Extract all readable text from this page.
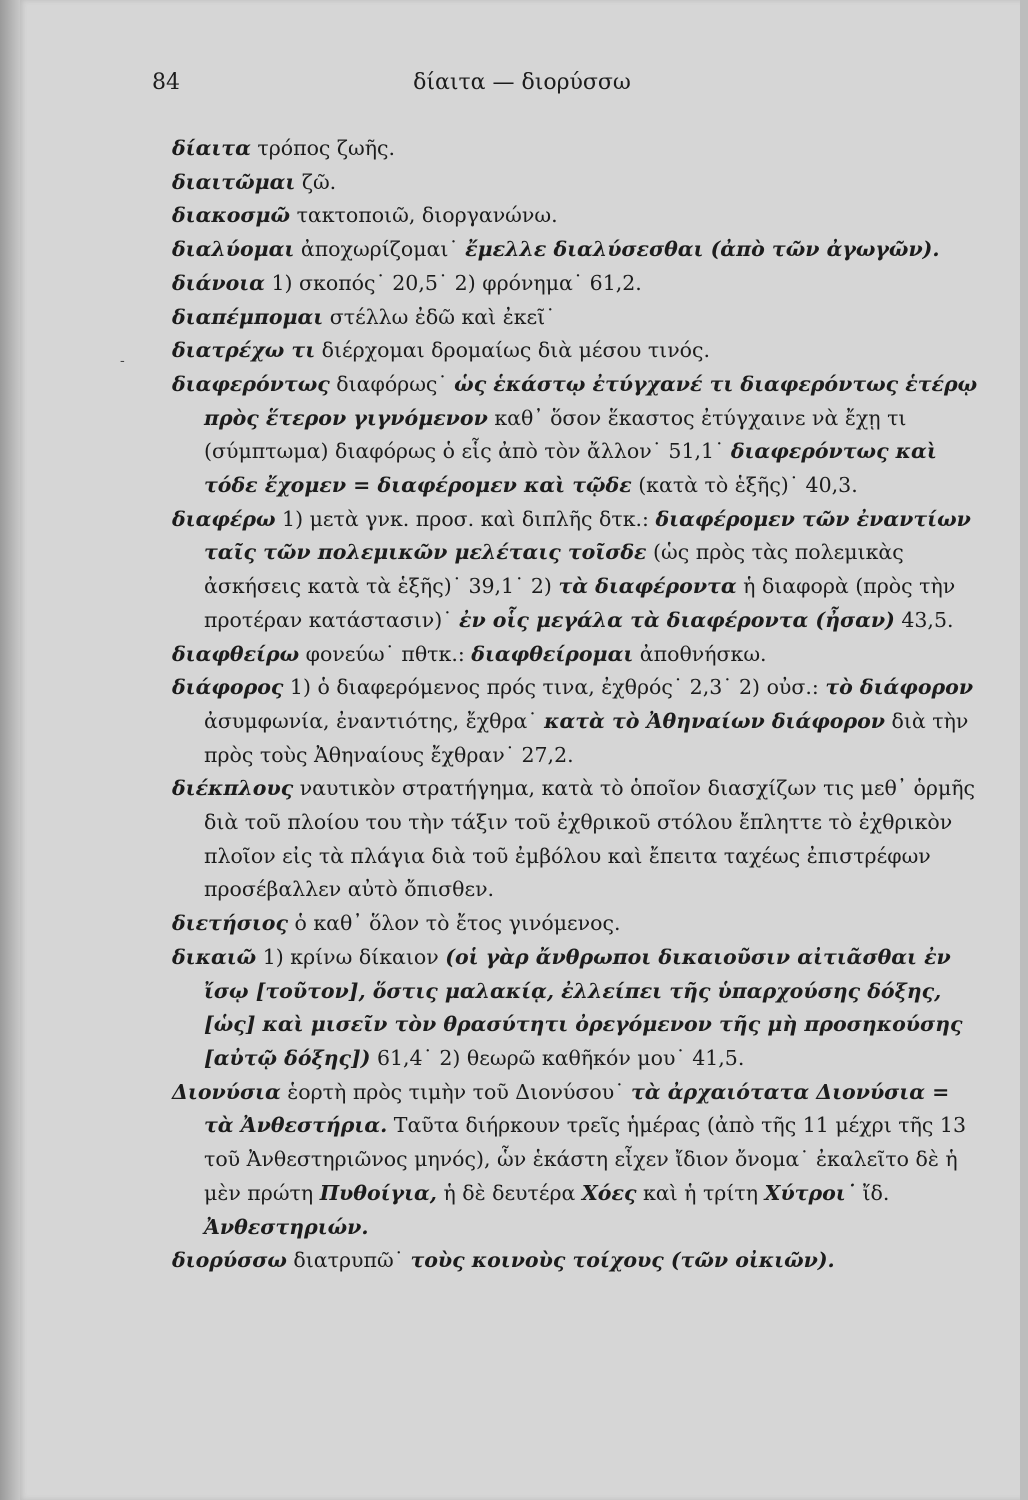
84	δίαιτα — διορύσσω
-

δίαιτα τρόπος ζωῆς.

διαιτῶμαι ζῶ.

διακοσμῶ τακτοποιῶ, διοργανώνω.

διαλύομαι ἀποχωρίζομαι˙ ἔμελλε διαλύσεσθαι (ἀπὸ τῶν ἀγωγῶν).

διάνοια 1) σκοπός˙ 20,5˙ 2) φρόνημα˙ 61,2.

διαπέμπομαι στέλλω ἐδῶ καὶ ἐκεῖ˙

διατρέχω τι διέρχομαι δρομαίως διὰ μέσου τινός.

διαφερόντως διαφόρως˙ ὡς ἑκάστῳ ἐτύγχανέ τι διαφερόντως ἑτέρῳ πρὸς ἕτερον γιγνόμενον καθ᾽ ὅσον ἕκαστος ἐτύγχαινε νὰ ἔχῃ τι (σύμπτωμα) διαφόρως ὁ εἷς ἀπὸ τὸν ἄλλον˙ 51,1˙ διαφερόντως καὶ τόδε ἔχομεν = διαφέρομεν καὶ τῷδε (κατὰ τὸ ἑξῆς)˙ 40,3.

διαφέρω 1) μετὰ γνκ. προσ. καὶ διπλῆς δτκ.: διαφέρομεν τῶν ἐναντίων ταῖς τῶν πολεμικῶν μελέταις τοῖσδε (ὡς πρὸς τὰς πολεμικὰς ἀσκήσεις κατὰ τὰ ἑξῆς)˙ 39,1˙ 2) τὰ διαφέροντα ἡ διαφορὰ (πρὸς τὴν προτέραν κατάστασιν)˙ ἐν οἷς μεγάλα τὰ διαφέροντα (ἦσαν) 43,5.

διαφθείρω φονεύω˙ πθτκ.: διαφθείρομαι ἀποθνήσκω.

διάφορος 1) ὁ διαφερόμενος πρός τινα, ἐχθρός˙ 2,3˙ 2) οὐσ.: τὸ διάφορον ἀσυμφωνία, ἐναντιότης, ἔχθρα˙ κατὰ τὸ Ἀθηναίων διάφορον διὰ τὴν πρὸς τοὺς Ἀθηναίους ἔχθραν˙ 27,2.

διέκπλους ναυτικὸν στρατήγημα, κατὰ τὸ ὁποῖον διασχίζων τις μεθ᾽ ὁρμῆς διὰ τοῦ πλοίου του τὴν τάξιν τοῦ ἐχθρικοῦ στόλου ἔπληττε τὸ ἐχθρικὸν πλοῖον εἰς τὰ πλάγια διὰ τοῦ ἐμβόλου καὶ ἔπειτα ταχέως ἐπιστρέφων προσέβαλλεν αὐτὸ ὄπισθεν.

διετήσιος ὁ καθ᾽ ὅλον τὸ ἔτος γινόμενος.

δικαιῶ 1) κρίνω δίκαιον (οἱ γὰρ ἄνθρωποι δικαιοῦσιν αἰτιᾶσθαι ἐν ἴσῳ [τοῦτον], ὅστις μαλακίᾳ, ἐλλείπει τῆς ὑπαρχούσης δόξης, [ὡς] καὶ μισεῖν τὸν θρασύτητι ὀρεγόμενον τῆς μὴ προσηκούσης [αὐτῷ δόξης]) 61,4˙ 2) θεωρῶ καθῆκόν μου˙ 41,5.

Διονύσια ἑορτὴ πρὸς τιμὴν τοῦ Διονύσου˙ τὰ ἀρχαιότατα Διονύσια = τὰ Ἀνθεστήρια. Ταῦτα διήρκουν τρεῖς ἡμέρας (ἀπὸ τῆς 11 μέχρι τῆς 13 τοῦ Ἀνθεστηριῶνος μηνός), ὧν ἑκάστη εἶχεν ἴδιον ὄνομα˙ ἐκαλεῖτο δὲ ἡ μὲν πρώτη Πυθοίγια, ἡ δὲ δευτέρα Χόες καὶ ἡ τρίτη Χύτροι˙ ἴδ. Ἀνθεστηριών.

διορύσσω διατρυπῶ˙ τοὺς κοινοὺς τοίχους (τῶν οἰκιῶν).
